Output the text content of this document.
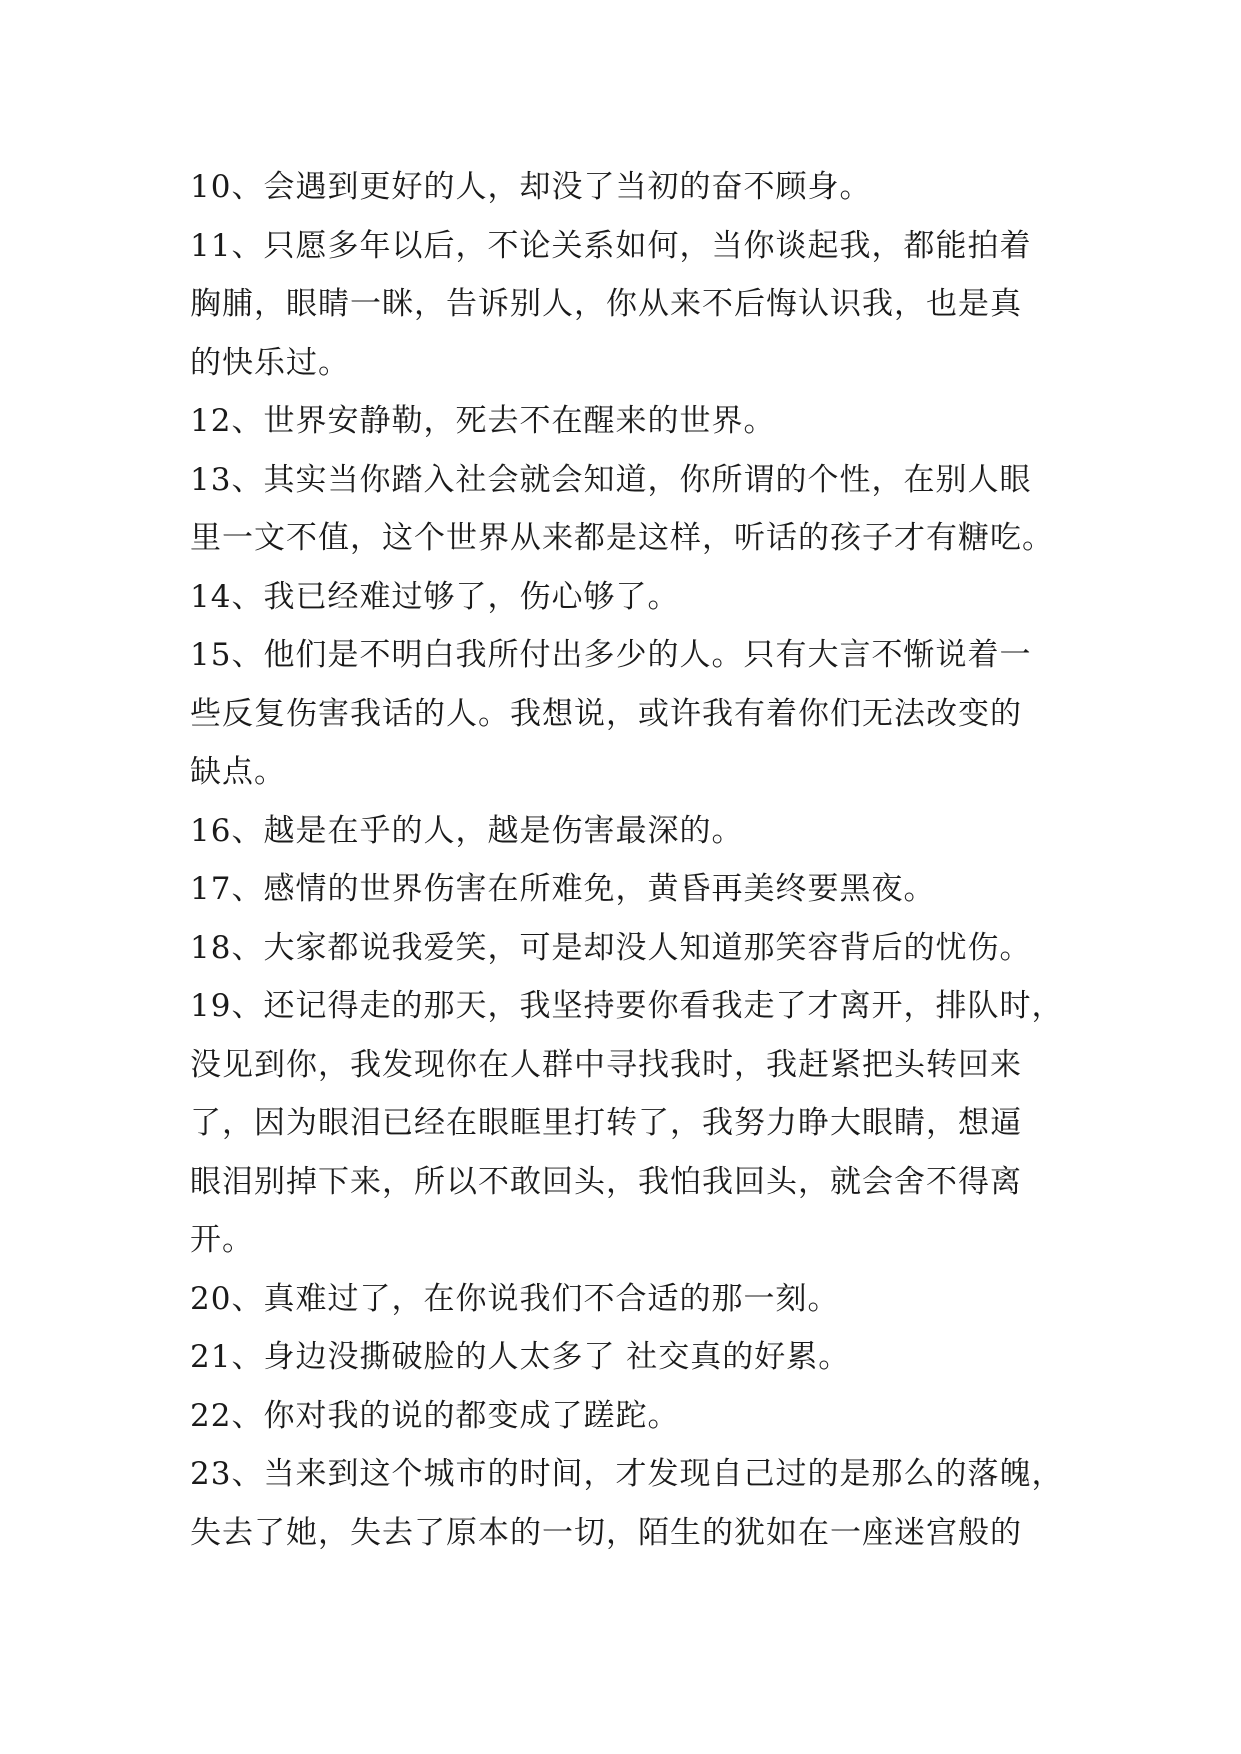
10、会遇到更好的人，却没了当初的奋不顾身。
11、只愿多年以后，不论关系如何，当你谈起我，都能拍着
胸脯，眼睛一眯，告诉别人，你从来不后悔认识我，也是真
的快乐过。
12、世界安静勒，死去不在醒来的世界。
13、其实当你踏入社会就会知道，你所谓的个性，在别人眼
里一文不值，这个世界从来都是这样，听话的孩子才有糖吃。
14、我已经难过够了，伤心够了。
15、他们是不明白我所付出多少的人。只有大言不惭说着一
些反复伤害我话的人。我想说，或许我有着你们无法改变的
缺点。
16、越是在乎的人，越是伤害最深的。
17、感情的世界伤害在所难免，黄昏再美终要黑夜。
18、大家都说我爱笑，可是却没人知道那笑容背后的忧伤。
19、还记得走的那天，我坚持要你看我走了才离开，排队时，
没见到你，我发现你在人群中寻找我时，我赶紧把头转回来
了，因为眼泪已经在眼眶里打转了，我努力睁大眼睛，想逼
眼泪别掉下来，所以不敢回头，我怕我回头，就会舍不得离
开。
20、真难过了，在你说我们不合适的那一刻。
21、身边没撕破脸的人太多了 社交真的好累。
22、你对我的说的都变成了蹉跎。
23、当来到这个城市的时间，才发现自己过的是那么的落魄，
失去了她，失去了原本的一切，陌生的犹如在一座迷宫般的
